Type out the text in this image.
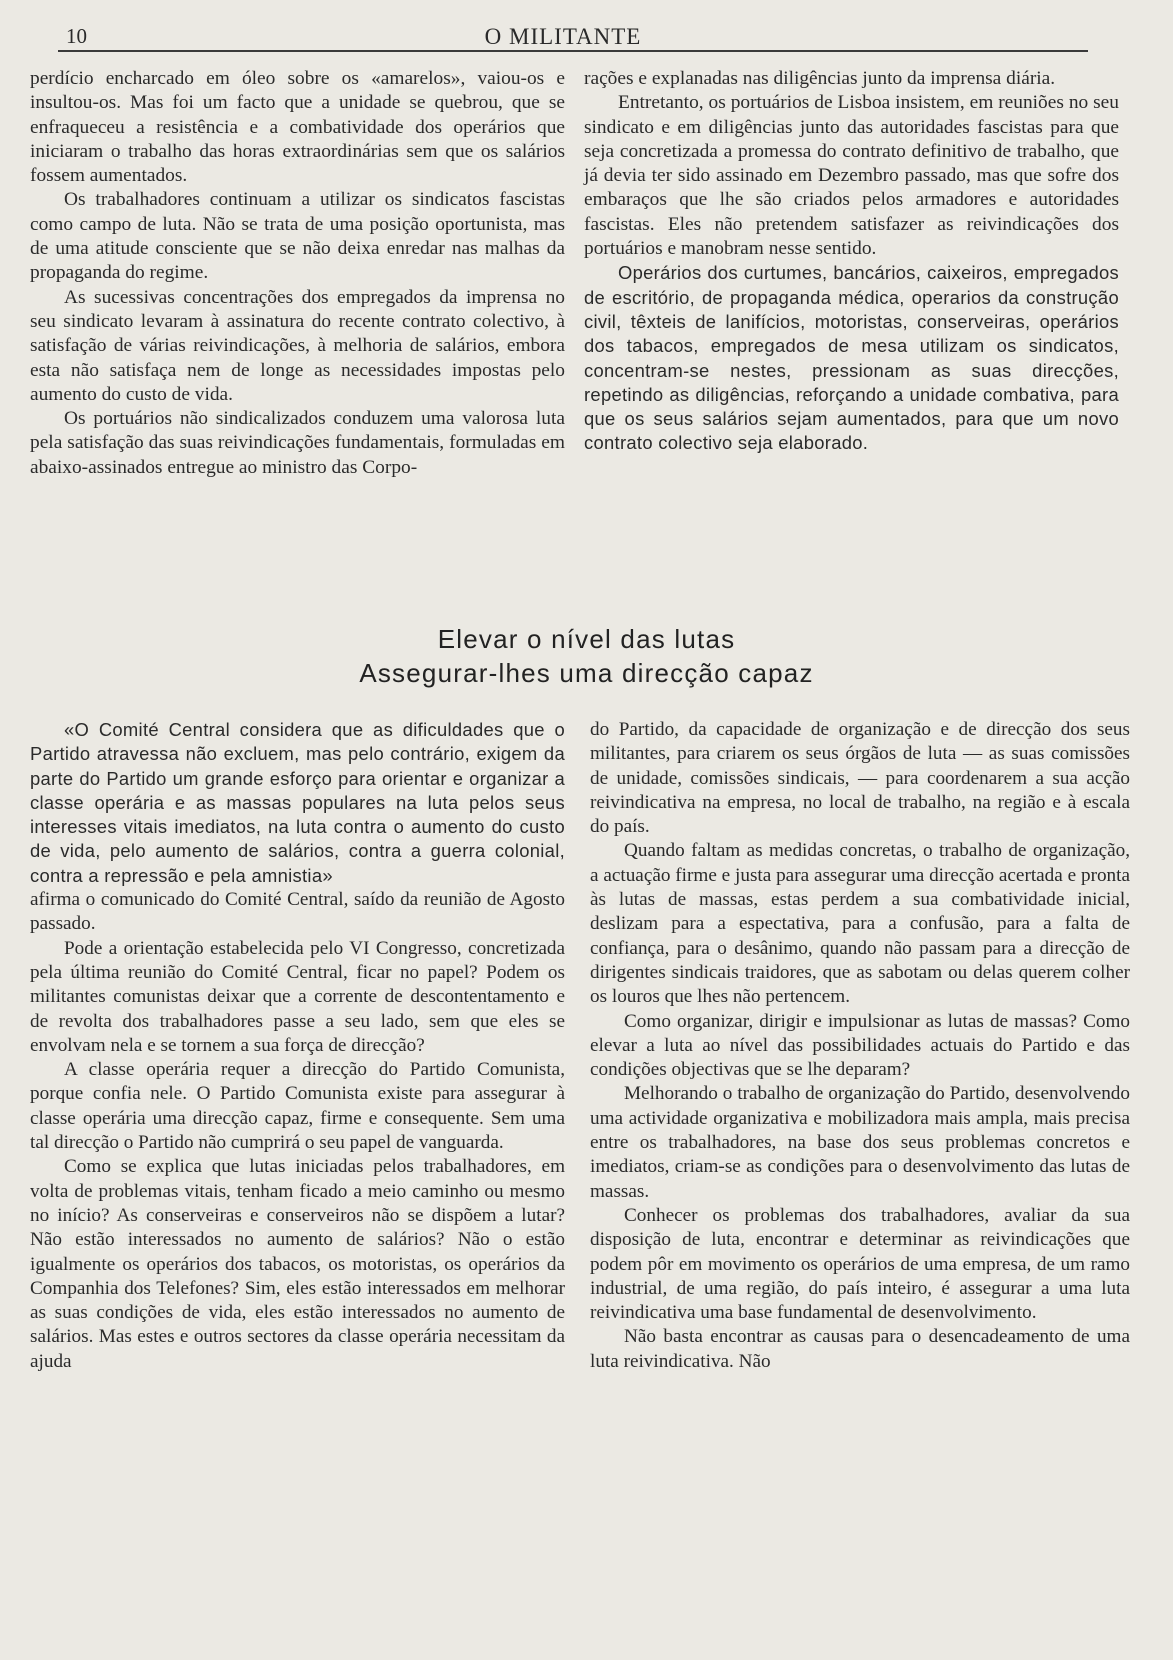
10	O MILITANTE

perdício encharcado em óleo sobre os «amarelos», vaiou-os e insultou-os. Mas foi um facto que a unidade se quebrou, que se enfraqueceu a resistência e a combatividade dos operários que iniciaram o trabalho das horas extraordinárias sem que os salários fossem aumentados.

Os trabalhadores continuam a utilizar os sindicatos fascistas como campo de luta. Não se trata de uma posição oportunista, mas de uma atitude consciente que se não deixa enredar nas malhas da propaganda do regime.

As sucessivas concentrações dos empregados da imprensa no seu sindicato levaram à assinatura do recente contrato colectivo, à satisfação de várias reivindicações, à melhoria de salários, embora esta não satisfaça nem de longe as necessidades impostas pelo aumento do custo de vida.

Os portuários não sindicalizados conduzem uma valorosa luta pela satisfação das suas reivindicações fundamentais, formuladas em abaixo-assinados entregue ao ministro das Corpo-

rações e explanadas nas diligências junto da imprensa diária.

Entretanto, os portuários de Lisboa insistem, em reuniões no seu sindicato e em diligências junto das autoridades fascistas para que seja concretizada a promessa do contrato definitivo de trabalho, que já devia ter sido assinado em Dezembro passado, mas que sofre dos embaraços que lhe são criados pelos armadores e autoridades fascistas. Eles não pretendem satisfazer as reivindicações dos portuários e manobram nesse sentido.

Operários dos curtumes, bancários, caixeiros, empregados de escritório, de propaganda médica, operarios da construção civil, têxteis de lanifícios, motoristas, conserveiras, operários dos tabacos, empregados de mesa utilizam os sindicatos, concentram-se nestes, pressionam as suas direcções, repetindo as diligências, reforçando a unidade combativa, para que os seus salários sejam aumentados, para que um novo contrato colectivo seja elaborado.

Elevar o nível das lutas
Assegurar-lhes uma direcção capaz

«O Comité Central considera que as dificuldades que o Partido atravessa não excluem, mas pelo contrário, exigem da parte do Partido um grande esforço para orientar e organizar a classe operária e as massas populares na luta pelos seus interesses vitais imediatos, na luta contra o aumento do custo de vida, pelo aumento de salários, contra a guerra colonial, contra a repressão e pela amnistia»

afirma o comunicado do Comité Central, saído da reunião de Agosto passado.

Pode a orientação estabelecida pelo VI Congresso, concretizada pela última reunião do Comité Central, ficar no papel? Podem os militantes comunistas deixar que a corrente de descontentamento e de revolta dos trabalhadores passe a seu lado, sem que eles se envolvam nela e se tornem a sua força de direcção?

A classe operária requer a direcção do Partido Comunista, porque confia nele. O Partido Comunista existe para assegurar à classe operária uma direcção capaz, firme e consequente. Sem uma tal direcção o Partido não cumprirá o seu papel de vanguarda.

Como se explica que lutas iniciadas pelos trabalhadores, em volta de problemas vitais, tenham ficado a meio caminho ou mesmo no início? As conserveiras e conserveiros não se dispõem a lutar? Não estão interessados no aumento de salários? Não o estão igualmente os operários dos tabacos, os motoristas, os operários da Companhia dos Telefones? Sim, eles estão interessados em melhorar as suas condições de vida, eles estão interessados no aumento de salários. Mas estes e outros sectores da classe operária necessitam da ajuda

do Partido, da capacidade de organização e de direcção dos seus militantes, para criarem os seus órgãos de luta — as suas comissões de unidade, comissões sindicais, — para coordenarem a sua acção reivindicativa na empresa, no local de trabalho, na região e à escala do país.

Quando faltam as medidas concretas, o trabalho de organização, a actuação firme e justa para assegurar uma direcção acertada e pronta às lutas de massas, estas perdem a sua combatividade inicial, deslizam para a espectativa, para a confusão, para a falta de confiança, para o desânimo, quando não passam para a direcção de dirigentes sindicais traidores, que as sabotam ou delas querem colher os louros que lhes não pertencem.

Como organizar, dirigir e impulsionar as lutas de massas? Como elevar a luta ao nível das possibilidades actuais do Partido e das condições objectivas que se lhe deparam?

Melhorando o trabalho de organização do Partido, desenvolvendo uma actividade organizativa e mobilizadora mais ampla, mais precisa entre os trabalhadores, na base dos seus problemas concretos e imediatos, criam-se as condições para o desenvolvimento das lutas de massas.

Conhecer os problemas dos trabalhadores, avaliar da sua disposição de luta, encontrar e determinar as reivindicações que podem pôr em movimento os operários de uma empresa, de um ramo industrial, de uma região, do país inteiro, é assegurar a uma luta reivindicativa uma base fundamental de desenvolvimento.

Não basta encontrar as causas para o desencadeamento de uma luta reivindicativa. Não
